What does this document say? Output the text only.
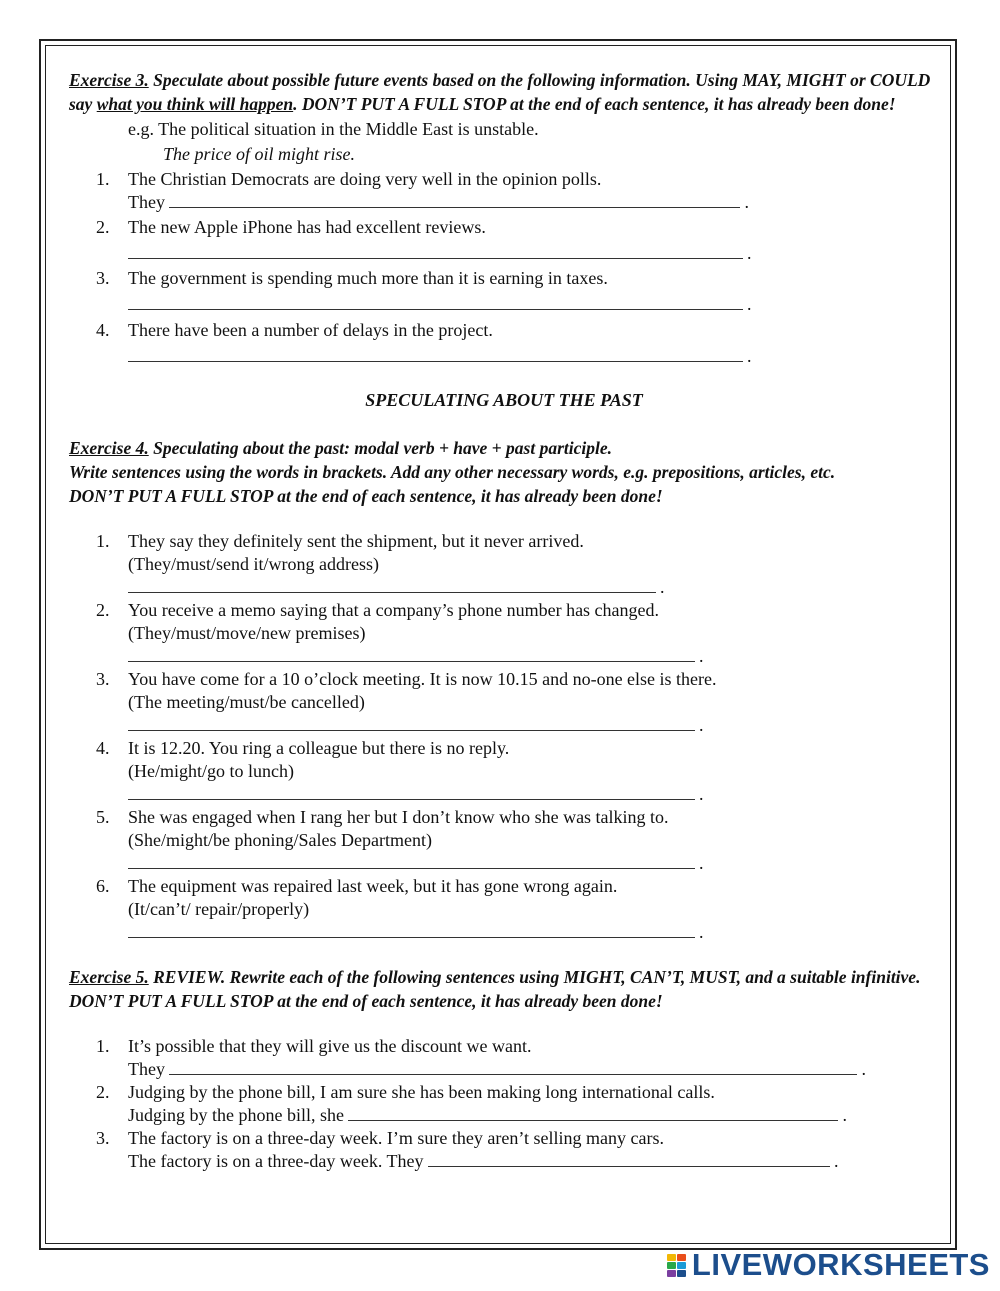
Exercise 3. Speculate about possible future events based on the following information. Using MAY, MIGHT or COULD say what you think will happen. DON’T PUT A FULL STOP at the end of each sentence, it has already been done!
e.g. The political situation in the Middle East is unstable.
The price of oil might rise.
1. The Christian Democrats are doing very well in the opinion polls.
They	.
2. The new Apple iPhone has had excellent reviews.
.
3. The government is spending much more than it is earning in taxes.
.
4. There have been a number of delays in the project.
.
SPECULATING ABOUT THE PAST
Exercise 4. Speculating about the past: modal verb + have + past participle.
Write sentences using the words in brackets. Add any other necessary words, e.g. prepositions, articles, etc.
DON’T PUT A FULL STOP at the end of each sentence, it has already been done!
1. They say they definitely sent the shipment, but it never arrived.
(They/must/send it/wrong address)
.
2. You receive a memo saying that a company’s phone number has changed.
(They/must/move/new premises)
.
3. You have come for a 10 o’clock meeting. It is now 10.15 and no-one else is there.
(The meeting/must/be cancelled)
.
4. It is 12.20. You ring a colleague but there is no reply.
(He/might/go to lunch)
.
5. She was engaged when I rang her but I don’t know who she was talking to.
(She/might/be phoning/Sales Department)
.
6. The equipment was repaired last week, but it has gone wrong again.
(It/can’t/ repair/properly)
.
Exercise 5. REVIEW. Rewrite each of the following sentences using MIGHT, CAN’T, MUST, and a suitable infinitive. DON’T PUT A FULL STOP at the end of each sentence, it has already been done!
1. It’s possible that they will give us the discount we want.
They	.
2. Judging by the phone bill, I am sure she has been making long international calls.
Judging by the phone bill, she	.
3. The factory is on a three-day week. I’m sure they aren’t selling many cars.
The factory is on a three-day week. They	.
LIVEWORKSHEETS
